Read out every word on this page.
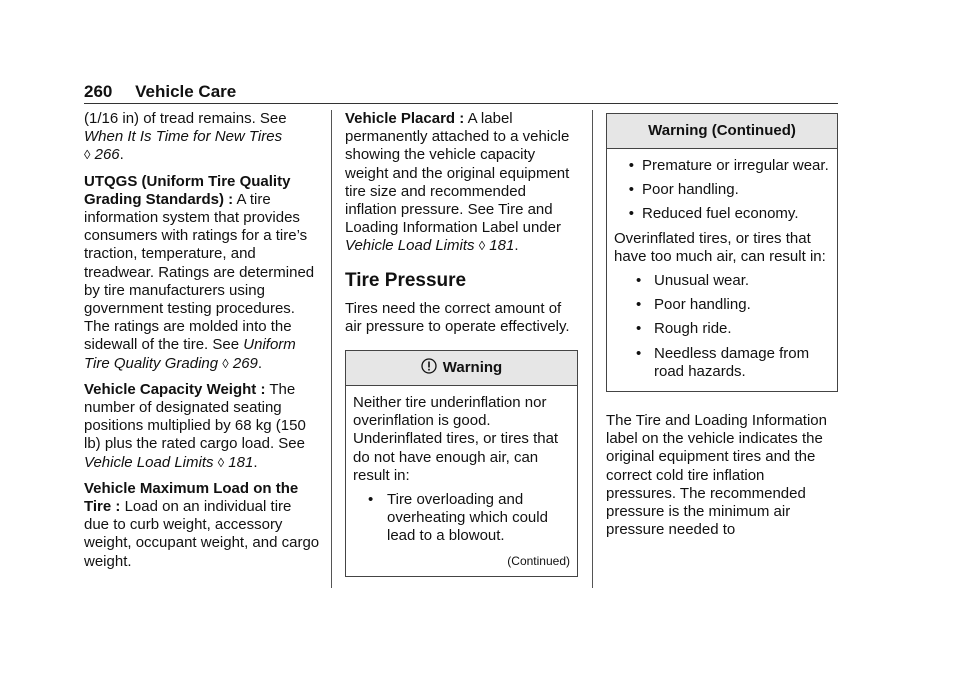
260 Vehicle Care

(1/16 in) of tread remains. See When It Is Time for New Tires
◊ 266.

UTQGS (Uniform Tire Quality Grading Standards) : A tire information system that provides consumers with ratings for a tire’s traction, temperature, and treadwear. Ratings are determined by tire manufacturers using government testing procedures. The ratings are molded into the sidewall of the tire. See Uniform Tire Quality Grading ◊ 269.

Vehicle Capacity Weight : The number of designated seating positions multiplied by 68 kg (150 lb) plus the rated cargo load. See Vehicle Load Limits ◊ 181.

Vehicle Maximum Load on the Tire : Load on an individual tire due to curb weight, accessory weight, occupant weight, and cargo weight.

Vehicle Placard : A label permanently attached to a vehicle showing the vehicle capacity weight and the original equipment tire size and recommended inflation pressure. See Tire and Loading Information Label under Vehicle Load Limits ◊ 181.

Tire Pressure

Tires need the correct amount of air pressure to operate effectively.

Warning

Neither tire underinflation nor overinflation is good. Underinflated tires, or tires that do not have enough air, can result in:

• Tire overloading and overheating which could lead to a blowout.
(Continued)
Warning (Continued)
• Premature or irregular wear.
• Poor handling.
• Reduced fuel economy.

Overinflated tires, or tires that have too much air, can result in:

• Unusual wear.
• Poor handling.
• Rough ride.
• Needless damage from road hazards.

The Tire and Loading Information label on the vehicle indicates the original equipment tires and the correct cold tire inflation pressures. The recommended pressure is the minimum air pressure needed to
